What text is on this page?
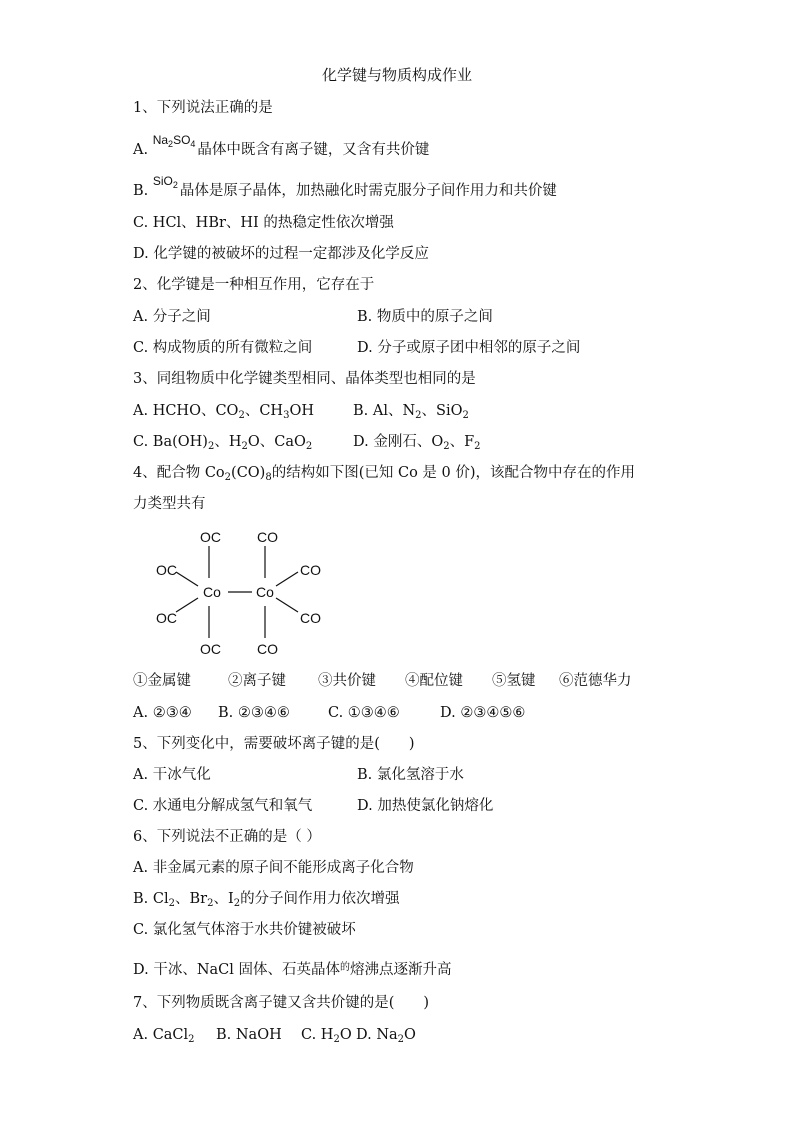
化学键与物质构成作业
1、下列说法正确的是
A. $^{Na_2SO_4}$ 晶体中既含有离子键，又含有共价键
B. $^{SiO_2}$ 晶体是原子晶体，加热融化时需克服分子间作用力和共价键
C. HCl、HBr、HI 的热稳定性依次增强
D. 化学键的被破坏的过程一定都涉及化学反应
2、化学键是一种相互作用，它存在于
A. 分子之间	B. 物质中的原子之间
C. 构成物质的所有微粒之间	D. 分子或原子团中相邻的原子之间
3、同组物质中化学键类型相同、晶体类型也相同的是
A. HCHO、$CO_2$、$CH_3OH$	B. Al、$N_2$、SiO$_2$
C. $Ba(OH)_2$、$H_2O$、CaO$_2$	D. 金刚石、$O_2$、$F_2$
4、配合物 $Co_2(CO)_8$的结构如下图(已知 Co 是 0 价)，该配合物中存在的作用
力类型共有
OC
OC
OC
OC
Co	Co
CO
CO
CO
CO
①金属键	②离子键 ③共价键 ④配位键 ⑤氢键 ⑥范德华力
A. ②③④ B. ②③④⑥	C. ①③④⑥	D. ②③④⑤⑥
5、下列变化中，需要破坏离子键的是(　　)
A. 干冰气化	B. 氯化氢溶于水
C. 水通电分解成氢气和氧气	D. 加热使氯化钠熔化
6、下列说法不正确的是（ ）
A. 非金属元素的原子间不能形成离子化合物
B. $Cl_2$、$Br_2$、$I_2$的分子间作用力依次增强
C. 氯化氢气体溶于水共价键被破坏
D. 干冰、NaCl 固体、石英晶体$^的$熔沸点逐渐升高
7、下列物质既含离子键又含共价键的是(　　)
A. CaCl$_2$ B. NaOH C. $H_2O$ D. $Na_2O$
